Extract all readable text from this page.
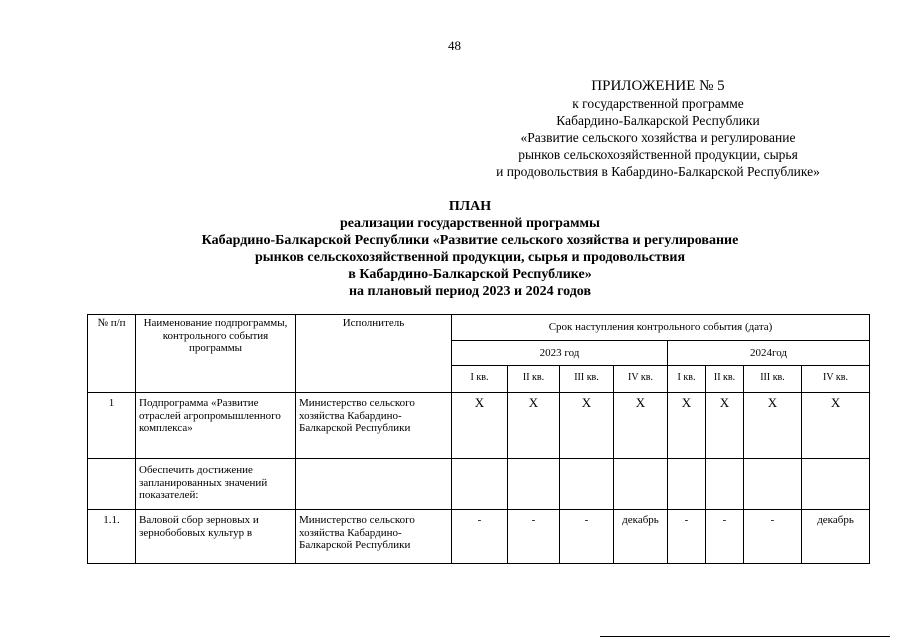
48
ПРИЛОЖЕНИЕ № 5
к государственной программе
Кабардино-Балкарской Республики
«Развитие сельского хозяйства и регулирование
рынков сельскохозяйственной продукции, сырья
и продовольствия в Кабардино-Балкарской Республике»
ПЛАН
реализации государственной программы
Кабардино-Балкарской Республики «Развитие сельского хозяйства и регулирование
рынков сельскохозяйственной продукции, сырья и продовольствия
в Кабардино-Балкарской Республике»
на плановый период 2023 и 2024 годов
№ п/п	Наименование подпрограммы, контрольного события программы	Исполнитель	Срок наступления контрольного события (дата)							
			2023 год				2024год			
			I кв.	II кв.	III кв.	IV кв.	I кв.	II кв.	III кв.	IV кв.
1	Подпрограмма «Развитие отраслей агропромышленного комплекса»	Министерство сельского хозяйства Кабардино-Балкарской Республики	X	X	X	X	X	X	X	X
	Обеспечить достижение запланированных значений показателей:									
1.1.	Валовой сбор зерновых и зернобобовых культур в	Министерство сельского хозяйства Кабардино-Балкарской Республики	-	-	-	декабрь	-	-	-	декабрь
